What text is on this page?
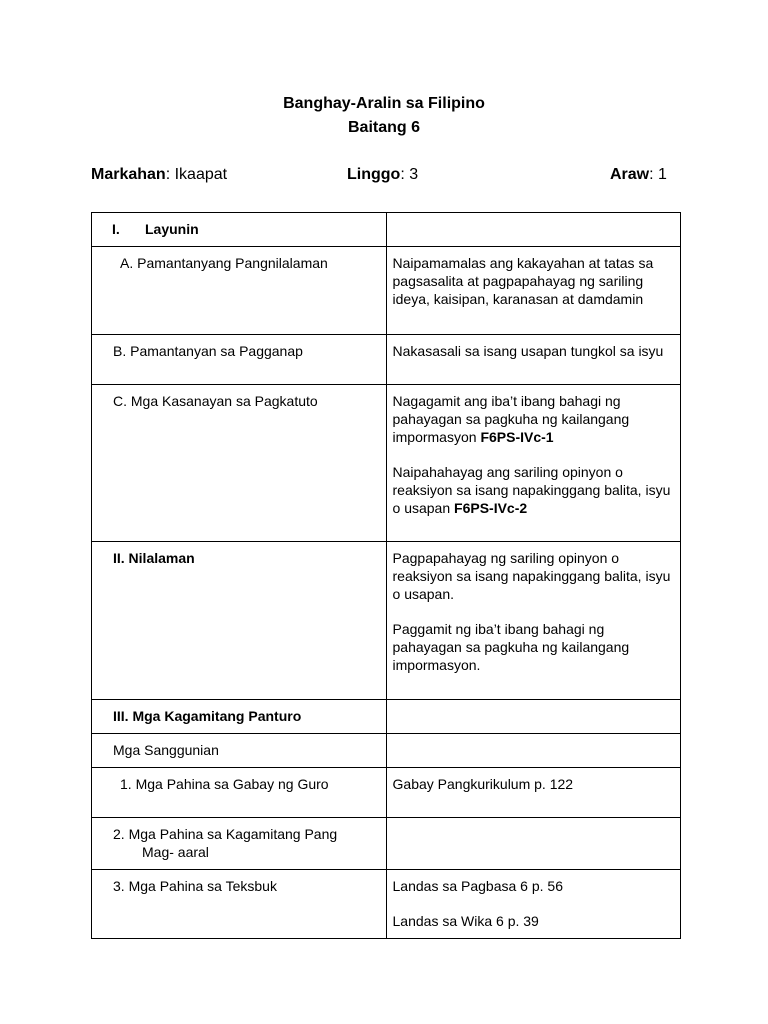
Banghay-Aralin sa Filipino
Baitang 6
Markahan: Ikaapat	Linggo: 3	Araw: 1
I. Layunin	

A. Pamantanyang Pangnilalaman	Naipamamalas ang kakayahan at tatas sa pagsasalita at pagpapahayag ng sariling ideya, kaisipan, karanasan at damdamin

B. Pamantanyan sa Pagganap	Nakasasali sa isang usapan tungkol sa isyu

C. Mga Kasanayan sa Pagkatuto	Nagagamit ang iba’t ibang bahagi ng pahayagan sa pagkuha ng kailangang impormasyon F6PS-IVc-1
Naipahahayag ang sariling opinyon o reaksiyon sa isang napakinggang balita, isyu o usapan F6PS-IVc-2

II. Nilalaman	Pagpapahayag ng sariling opinyon o reaksiyon sa isang napakinggang balita, isyu o usapan.
Paggamit ng iba’t ibang bahagi ng pahayagan sa pagkuha ng kailangang impormasyon.

III. Mga Kagamitang Panturo	

Mga Sanggunian	

1. Mga Pahina sa Gabay ng Guro	Gabay Pangkurikulum p. 122

2. Mga Pahina sa Kagamitang Pang
Mag- aaral	

3. Mga Pahina sa Teksbuk	Landas sa Pagbasa 6 p. 56
Landas sa Wika 6 p. 39
